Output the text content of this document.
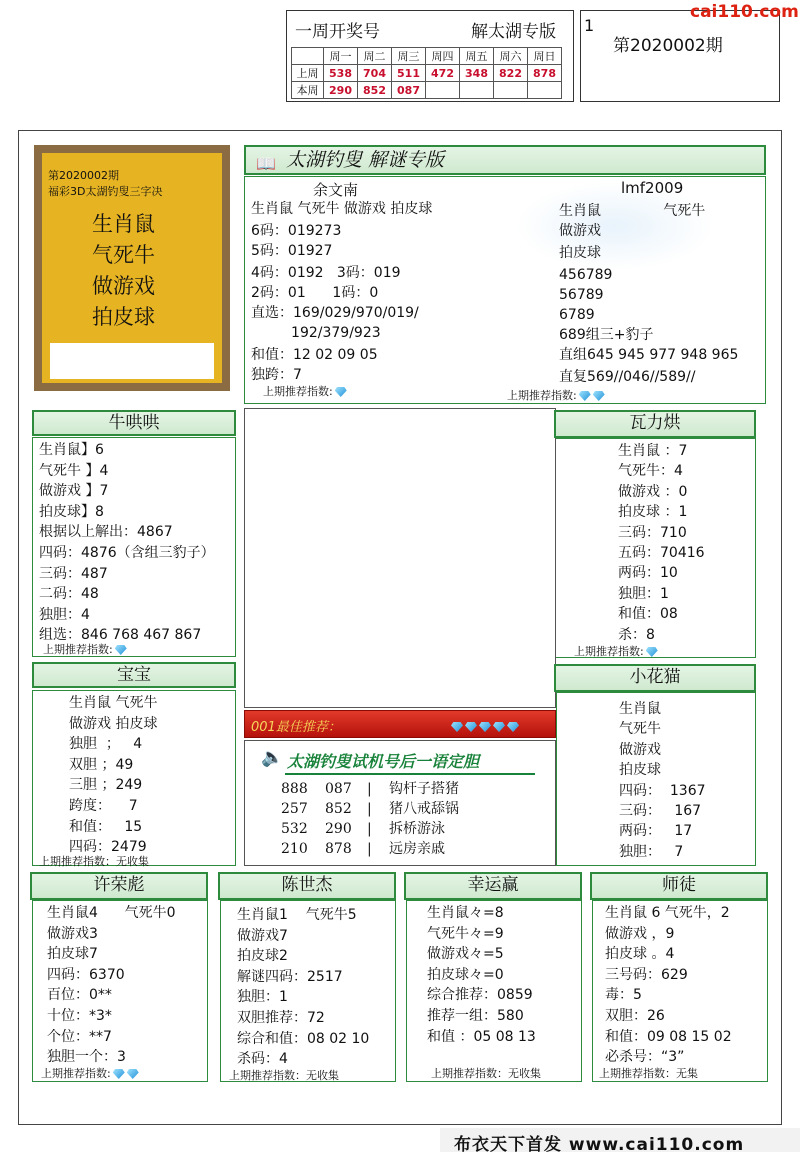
一周开奖号	解太湖专版
	周一	周二	周三	周四	周五	周六	周日
上周	538	704	511	472	348	822	878
本周	290	852	087				
1
第2020002期
cai110.com
第2020002期
福彩3D太湖钓叟三字决
生肖鼠
气死牛
做游戏
拍皮球
📖 太湖钓叟 解谜专版
余文南
生肖鼠 气死牛 做游戏 拍皮球
6码：019273
5码：01927
4码：0192   3码：019
2码：01      1码：0
直选：169/029/970/019/
192/379/923
和值：12 02 09 05
独跨：7
上期推荐指数:
lmf2009
生肖鼠              气死牛
做游戏
拍皮球
456789
56789
6789
689组三+豹子
直组645 945 977 948 965
直复569//046//589//
上期推荐指数:
牛哄哄
生肖鼠】6
气死牛 】4
做游戏 】7
拍皮球】8
根据以上解出：4867
四码：4876（含组三豹子）
三码：487
二码：48
独胆：4
组选：846 768 467 867
上期推荐指数:
瓦力烘
生肖鼠 ：7
气死牛：4
做游戏 ：0
拍皮球 ：1
三码：710
五码：70416
两码：10
独胆：1
和值：08
杀：8
上期推荐指数:
宝宝
生肖鼠 气死牛
做游戏 拍皮球
独胆  ；   4
双胆 ；49
三胆 ；249
跨度：    7
和值：   15
四码：2479
上期推荐指数：无收集
001最佳推荐：
🔈 太湖钓叟试机号后一语定胆
888 087 | 钩杆子搭猪
257 852 | 猪八戒舔锅
532 290 | 拆桥游泳
210 878 | 远房亲戚
小花猫
生肖鼠
气死牛
做游戏
拍皮球
四码：  1367
三码：   167
两码：   17
独胆：   7
许荣彪
生肖鼠4      气死牛0
做游戏3
拍皮球7
四码：6370
百位：0**
十位：*3*
个位：**7
独胆一个：3
上期推荐指数:
陈世杰
生肖鼠1    气死牛5
做游戏7
拍皮球2
解谜四码：2517
独胆：1
双胆推荐：72
综合和值：08 02 10
杀码：4
上期推荐指数：无收集
幸运赢
生肖鼠々=8
气死牛々=9
做游戏々=5
拍皮球々=0
综合推荐：0859
推荐一组：580
和值 ：05 08 13
上期推荐指数：无收集
师徒
生肖鼠 6 气死牛，2
做游戏 ，9
拍皮球 。4
三号码：629
毒：5
双胆：26
和值：09 08 15 02
必杀号：“3”
上期推荐指数：无集
布衣天下首发 www.cai110.com
